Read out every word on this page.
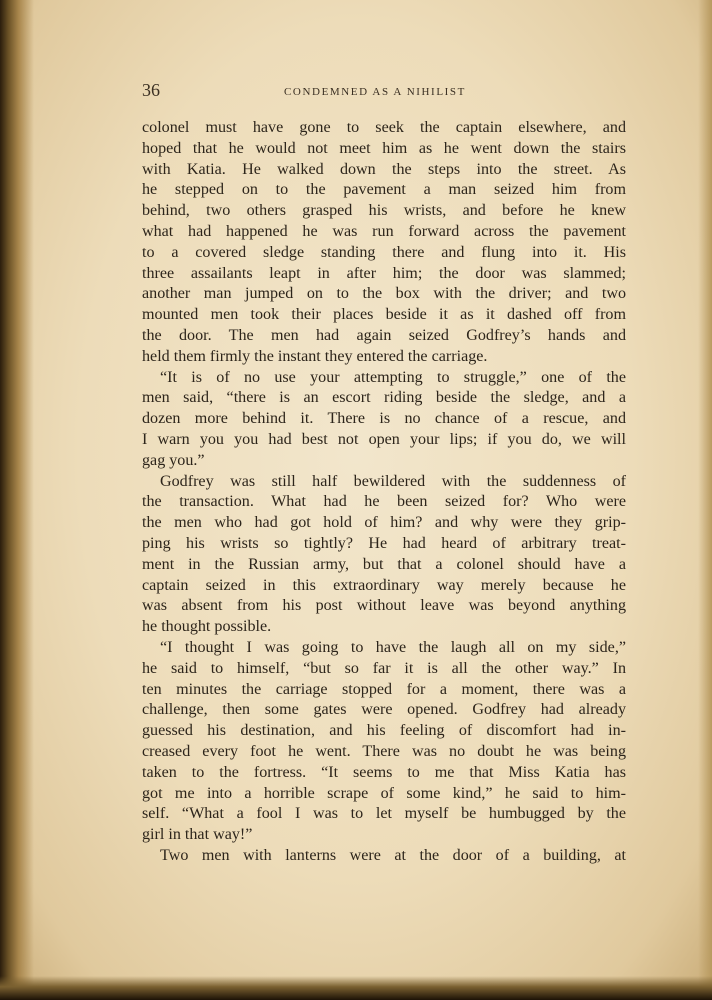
36	CONDEMNED AS A NIHILIST
colonel must have gone to seek the captain elsewhere, and
hoped that he would not meet him as he went down the stairs
with Katia. He walked down the steps into the street. As
he stepped on to the pavement a man seized him from
behind, two others grasped his wrists, and before he knew
what had happened he was run forward across the pavement
to a covered sledge standing there and flung into it. His
three assailants leapt in after him; the door was slammed;
another man jumped on to the box with the driver; and two
mounted men took their places beside it as it dashed off from
the door. The men had again seized Godfrey’s hands and
held them firmly the instant they entered the carriage.
“It is of no use your attempting to struggle,” one of the
men said, “there is an escort riding beside the sledge, and a
dozen more behind it. There is no chance of a rescue, and
I warn you you had best not open your lips; if you do, we will
gag you.”
Godfrey was still half bewildered with the suddenness of
the transaction. What had he been seized for? Who were
the men who had got hold of him? and why were they grip-
ping his wrists so tightly? He had heard of arbitrary treat-
ment in the Russian army, but that a colonel should have a
captain seized in this extraordinary way merely because he
was absent from his post without leave was beyond anything
he thought possible.
“I thought I was going to have the laugh all on my side,”
he said to himself, “but so far it is all the other way.” In
ten minutes the carriage stopped for a moment, there was a
challenge, then some gates were opened. Godfrey had already
guessed his destination, and his feeling of discomfort had in-
creased every foot he went. There was no doubt he was being
taken to the fortress. “It seems to me that Miss Katia has
got me into a horrible scrape of some kind,” he said to him-
self. “What a fool I was to let myself be humbugged by the
girl in that way!”
Two men with lanterns were at the door of a building, at
